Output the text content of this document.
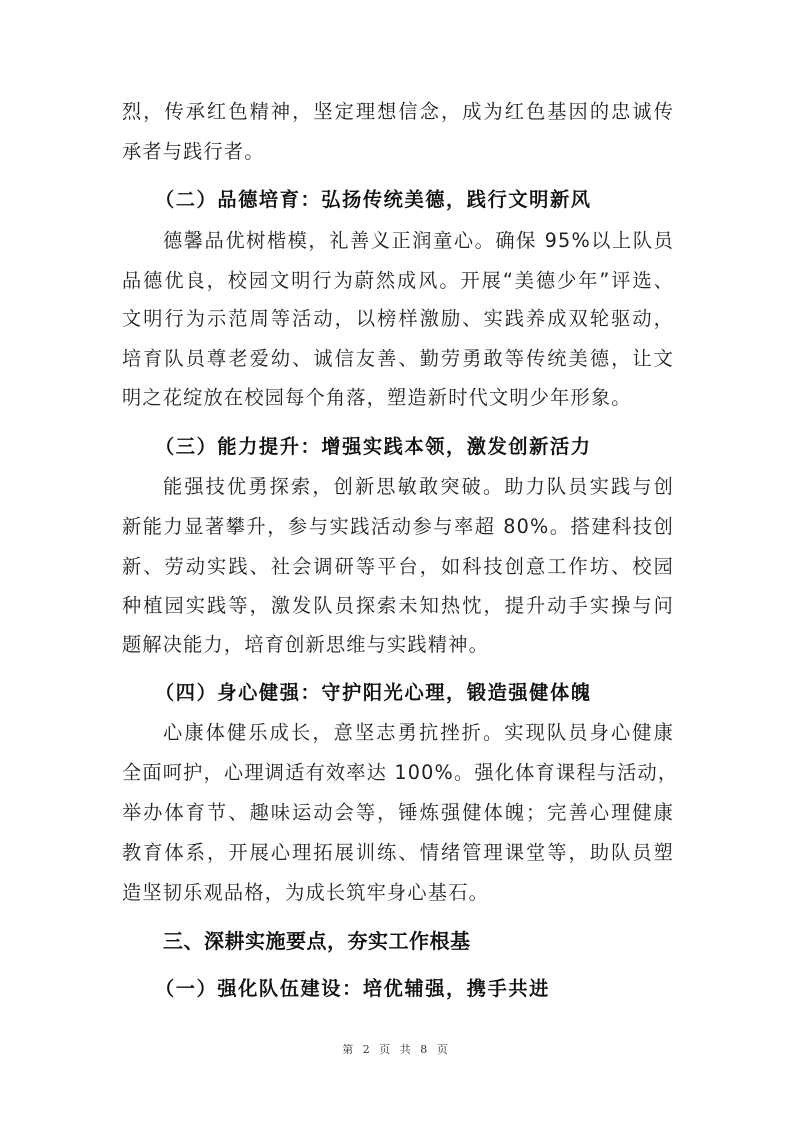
烈，传承红色精神，坚定理想信念，成为红色基因的忠诚传
承者与践行者。
（二）品德培育：弘扬传统美德，践行文明新风
德馨品优树楷模，礼善义正润童心。确保 95%以上队员
品德优良，校园文明行为蔚然成风。开展“美德少年”评选、
文明行为示范周等活动，以榜样激励、实践养成双轮驱动，
培育队员尊老爱幼、诚信友善、勤劳勇敢等传统美德，让文
明之花绽放在校园每个角落，塑造新时代文明少年形象。
（三）能力提升：增强实践本领，激发创新活力
能强技优勇探索，创新思敏敢突破。助力队员实践与创
新能力显著攀升，参与实践活动参与率超 80%。搭建科技创
新、劳动实践、社会调研等平台，如科技创意工作坊、校园
种植园实践等，激发队员探索未知热忱，提升动手实操与问
题解决能力，培育创新思维与实践精神。
（四）身心健强：守护阳光心理，锻造强健体魄
心康体健乐成长，意坚志勇抗挫折。实现队员身心健康
全面呵护，心理调适有效率达 100%。强化体育课程与活动，
举办体育节、趣味运动会等，锤炼强健体魄；完善心理健康
教育体系，开展心理拓展训练、情绪管理课堂等，助队员塑
造坚韧乐观品格，为成长筑牢身心基石。
三、深耕实施要点，夯实工作根基
（一）强化队伍建设：培优辅强，携手共进
第 2 页 共 8 页
